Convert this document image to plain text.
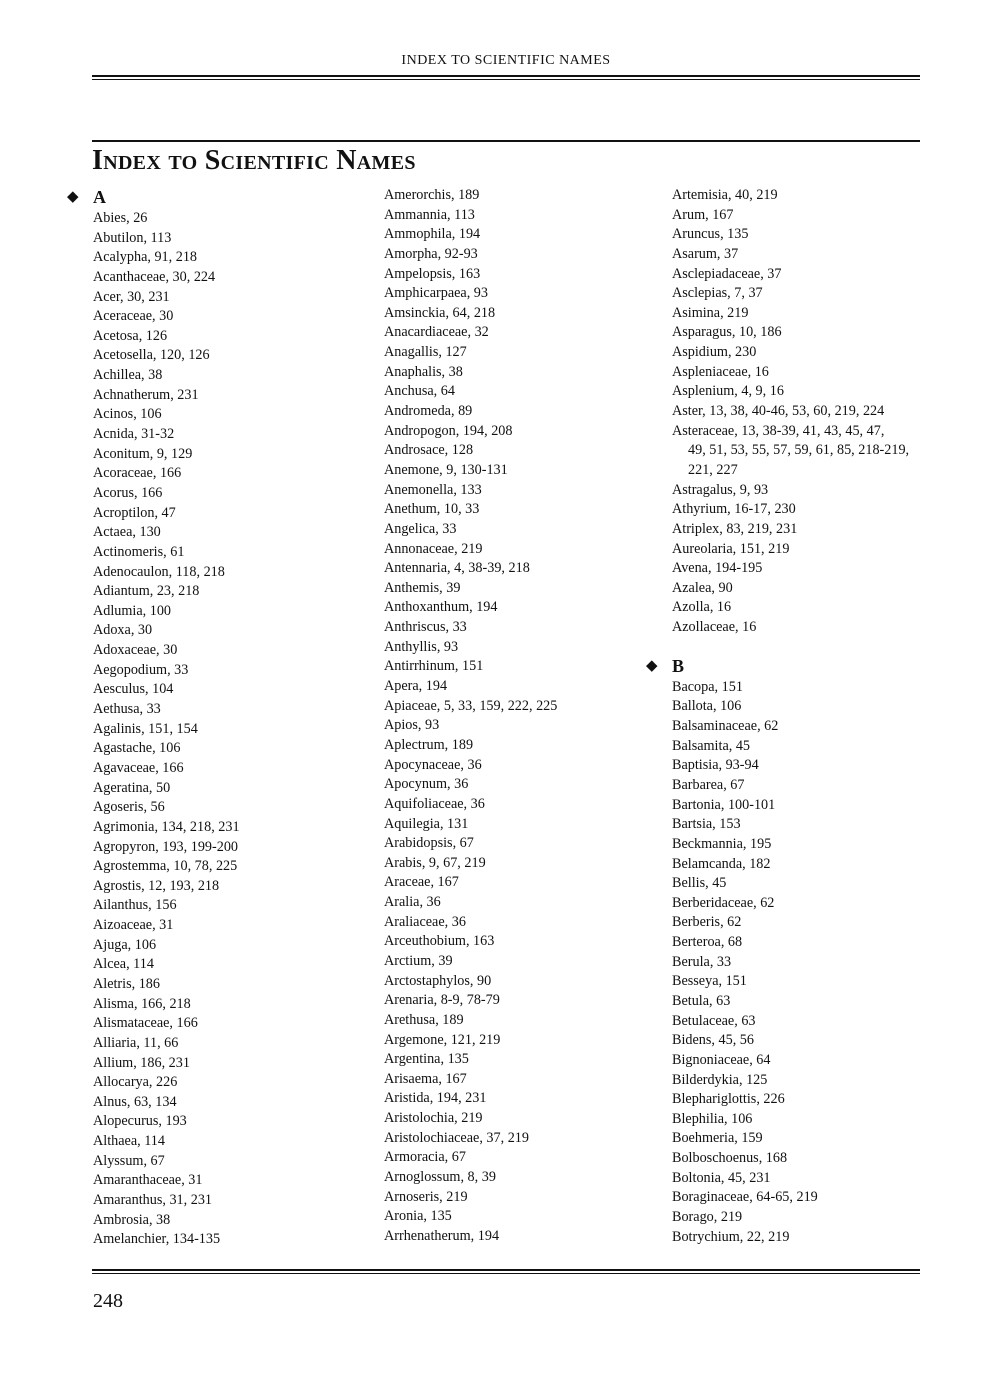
INDEX TO SCIENTIFIC NAMES
Index to Scientific Names
◆ A
Abies, 26
Abutilon, 113
Acalypha, 91, 218
Acanthaceae, 30, 224
Acer, 30, 231
Aceraceae, 30
Acetosa, 126
Acetosella, 120, 126
Achillea, 38
Achnatherum, 231
Acinos, 106
Acnida, 31-32
Aconitum, 9, 129
Acoraceae, 166
Acorus, 166
Acroptilon, 47
Actaea, 130
Actinomeris, 61
Adenocaulon, 118, 218
Adiantum, 23, 218
Adlumia, 100
Adoxa, 30
Adoxaceae, 30
Aegopodium, 33
Aesculus, 104
Aethusa, 33
Agalinis, 151, 154
Agastache, 106
Agavaceae, 166
Ageratina, 50
Agoseris, 56
Agrimonia, 134, 218, 231
Agropyron, 193, 199-200
Agrostemma, 10, 78, 225
Agrostis, 12, 193, 218
Ailanthus, 156
Aizoaceae, 31
Ajuga, 106
Alcea, 114
Aletris, 186
Alisma, 166, 218
Alismataceae, 166
Alliaria, 11, 66
Allium, 186, 231
Allocarya, 226
Alnus, 63, 134
Alopecurus, 193
Althaea, 114
Alyssum, 67
Amaranthaceae, 31
Amaranthus, 31, 231
Ambrosia, 38
Amelanchier, 134-135
Amerorchis, 189
Ammannia, 113
Ammophila, 194
Amorpha, 92-93
Ampelopsis, 163
Amphicarpaea, 93
Amsinckia, 64, 218
Anacardiaceae, 32
Anagallis, 127
Anaphalis, 38
Anchusa, 64
Andromeda, 89
Andropogon, 194, 208
Androsace, 128
Anemone, 9, 130-131
Anemonella, 133
Anethum, 10, 33
Angelica, 33
Annonaceae, 219
Antennaria, 4, 38-39, 218
Anthemis, 39
Anthoxanthum, 194
Anthriscus, 33
Anthyllis, 93
Antirrhinum, 151
Apera, 194
Apiaceae, 5, 33, 159, 222, 225
Apios, 93
Aplectrum, 189
Apocynaceae, 36
Apocynum, 36
Aquifoliaceae, 36
Aquilegia, 131
Arabidopsis, 67
Arabis, 9, 67, 219
Araceae, 167
Aralia, 36
Araliaceae, 36
Arceuthobium, 163
Arctium, 39
Arctostaphylos, 90
Arenaria, 8-9, 78-79
Arethusa, 189
Argemone, 121, 219
Argentina, 135
Arisaema, 167
Aristida, 194, 231
Aristolochia, 219
Aristolochiaceae, 37, 219
Armoracia, 67
Arnoglossum, 8, 39
Arnoseris, 219
Aronia, 135
Arrhenatherum, 194
Artemisia, 40, 219
Arum, 167
Aruncus, 135
Asarum, 37
Asclepiadaceae, 37
Asclepias, 7, 37
Asimina, 219
Asparagus, 10, 186
Aspidium, 230
Aspleniaceae, 16
Asplenium, 4, 9, 16
Aster, 13, 38, 40-46, 53, 60, 219, 224
Asteraceae, 13, 38-39, 41, 43, 45, 47,
49, 51, 53, 55, 57, 59, 61, 85, 218-219,
221, 227
Astragalus, 9, 93
Athyrium, 16-17, 230
Atriplex, 83, 219, 231
Aureolaria, 151, 219
Avena, 194-195
Azalea, 90
Azolla, 16
Azollaceae, 16
◆ B
Bacopa, 151
Ballota, 106
Balsaminaceae, 62
Balsamita, 45
Baptisia, 93-94
Barbarea, 67
Bartonia, 100-101
Bartsia, 153
Beckmannia, 195
Belamcanda, 182
Bellis, 45
Berberidaceae, 62
Berberis, 62
Berteroa, 68
Berula, 33
Besseya, 151
Betula, 63
Betulaceae, 63
Bidens, 45, 56
Bignoniaceae, 64
Bilderdykia, 125
Blephariglottis, 226
Blephilia, 106
Boehmeria, 159
Bolboschoenus, 168
Boltonia, 45, 231
Boraginaceae, 64-65, 219
Borago, 219
Botrychium, 22, 219
248
